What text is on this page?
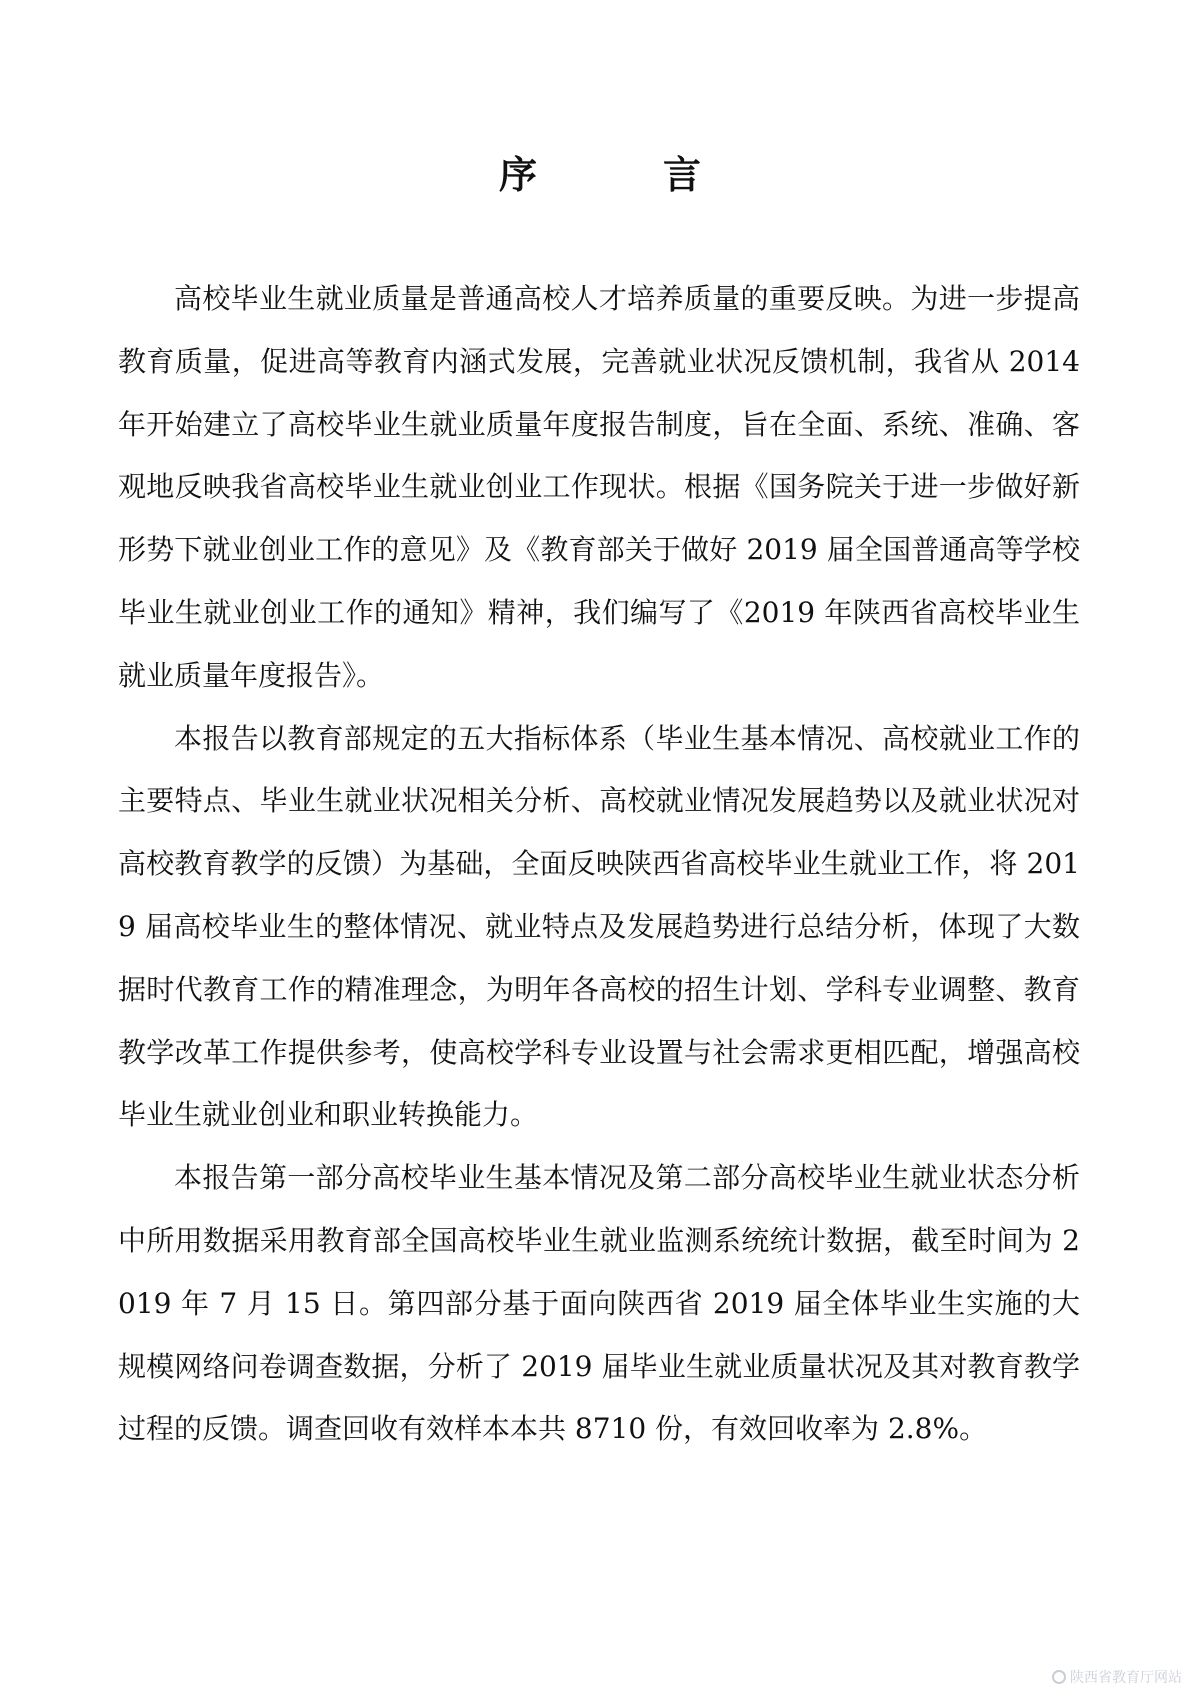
序　言

高校毕业生就业质量是普通高校人才培养质量的重要反映。为进一步提高教育质量，促进高等教育内涵式发展，完善就业状况反馈机制，我省从 2014 年开始建立了高校毕业生就业质量年度报告制度，旨在全面、系统、准确、客观地反映我省高校毕业生就业创业工作现状。根据《国务院关于进一步做好新形势下就业创业工作的意见》及《教育部关于做好 2019 届全国普通高等学校毕业生就业创业工作的通知》精神，我们编写了《2019 年陕西省高校毕业生就业质量年度报告》。

本报告以教育部规定的五大指标体系（毕业生基本情况、高校就业工作的主要特点、毕业生就业状况相关分析、高校就业情况发展趋势以及就业状况对高校教育教学的反馈）为基础，全面反映陕西省高校毕业生就业工作，将 2019 届高校毕业生的整体情况、就业特点及发展趋势进行总结分析，体现了大数据时代教育工作的精准理念，为明年各高校的招生计划、学科专业调整、教育教学改革工作提供参考，使高校学科专业设置与社会需求更相匹配，增强高校毕业生就业创业和职业转换能力。

本报告第一部分高校毕业生基本情况及第二部分高校毕业生就业状态分析中所用数据采用教育部全国高校毕业生就业监测系统统计数据，截至时间为 2019 年 7 月 15 日。第四部分基于面向陕西省 2019 届全体毕业生实施的大规模网络问卷调查数据，分析了 2019 届毕业生就业质量状况及其对教育教学过程的反馈。调查回收有效样本本共 8710 份，有效回收率为 2.8%。

陕西省教育厅网站
